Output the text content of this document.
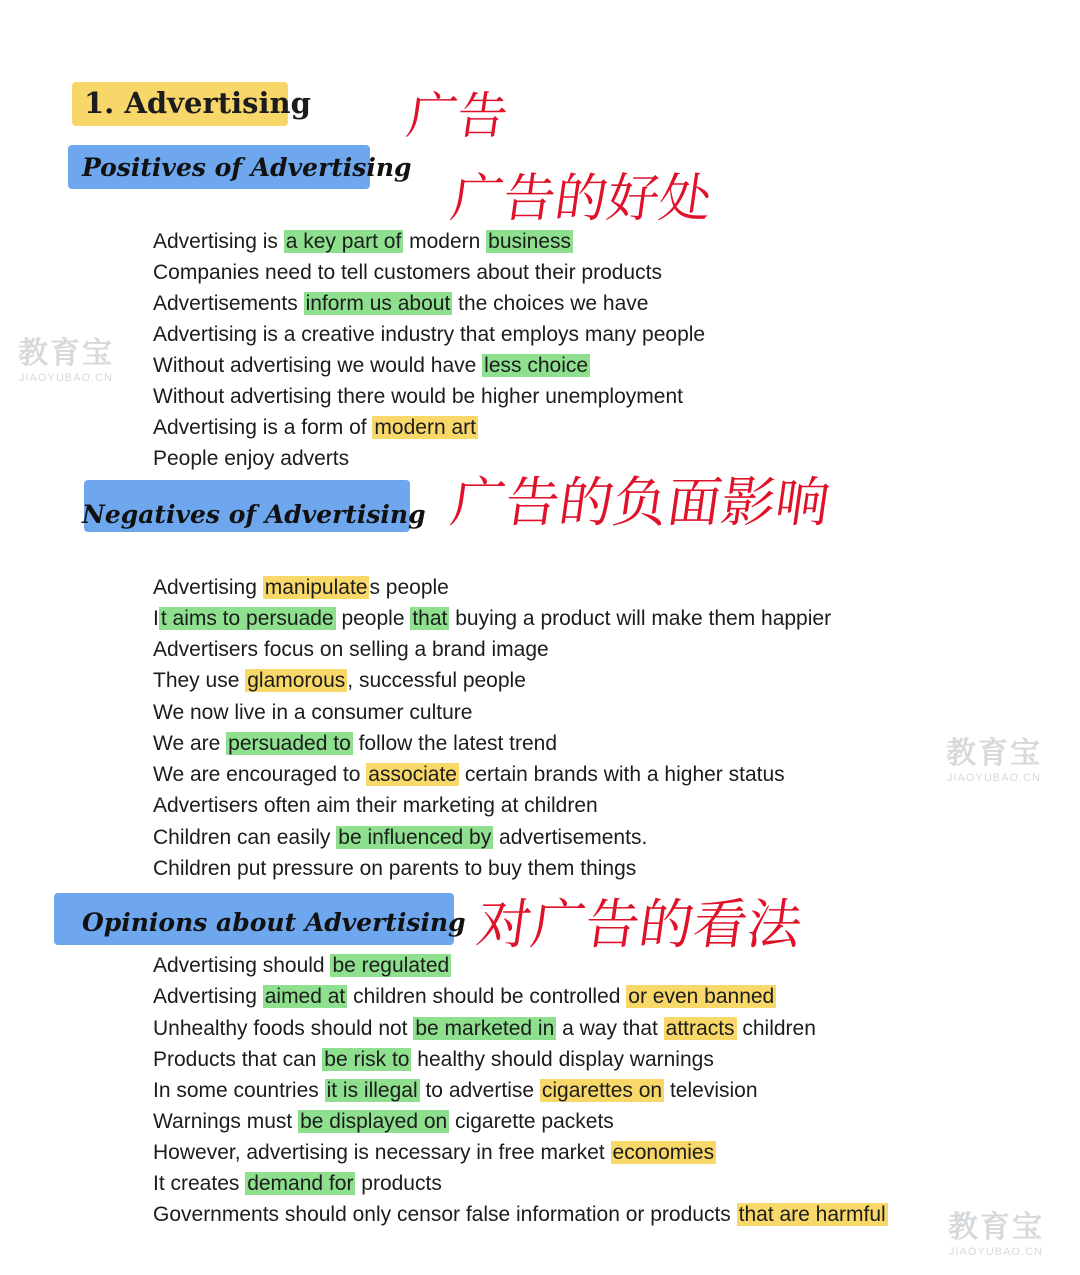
1. Advertising 广告
Positives of Advertising
广告的好处
Advertising is a key part of modern business
Companies need to tell customers about their products
Advertisements inform us about the choices we have
Advertising is a creative industry that employs many people
Without advertising we would have less choice
Without advertising there would be higher unemployment
Advertising is a form of modern art
People enjoy adverts
Negatives of Advertising 广告的负面影响
Advertising manipulates people
It aims to persuade people that buying a product will make them happier
Advertisers focus on selling a brand image
They use glamorous, successful people
We now live in a consumer culture
We are persuaded to follow the latest trend
We are encouraged to associate certain brands with a higher status
Advertisers often aim their marketing at children
Children can easily be influenced by advertisements.
Children put pressure on parents to buy them things
Opinions about Advertising 对广告的看法
Advertising should be regulated
Advertising aimed at children should be controlled or even banned
Unhealthy foods should not be marketed in a way that attracts children
Products that can be risk to healthy should display warnings
In some countries it is illegal to advertise cigarettes on television
Warnings must be displayed on cigarette packets
However, advertising is necessary in free market economies
It creates demand for products
Governments should only censor false information or products that are harmful
教育宝
JIAOYUBAO.CN
教育宝
JIAOYUBAO.CN
教育宝
JIAOYUBAO.CN
